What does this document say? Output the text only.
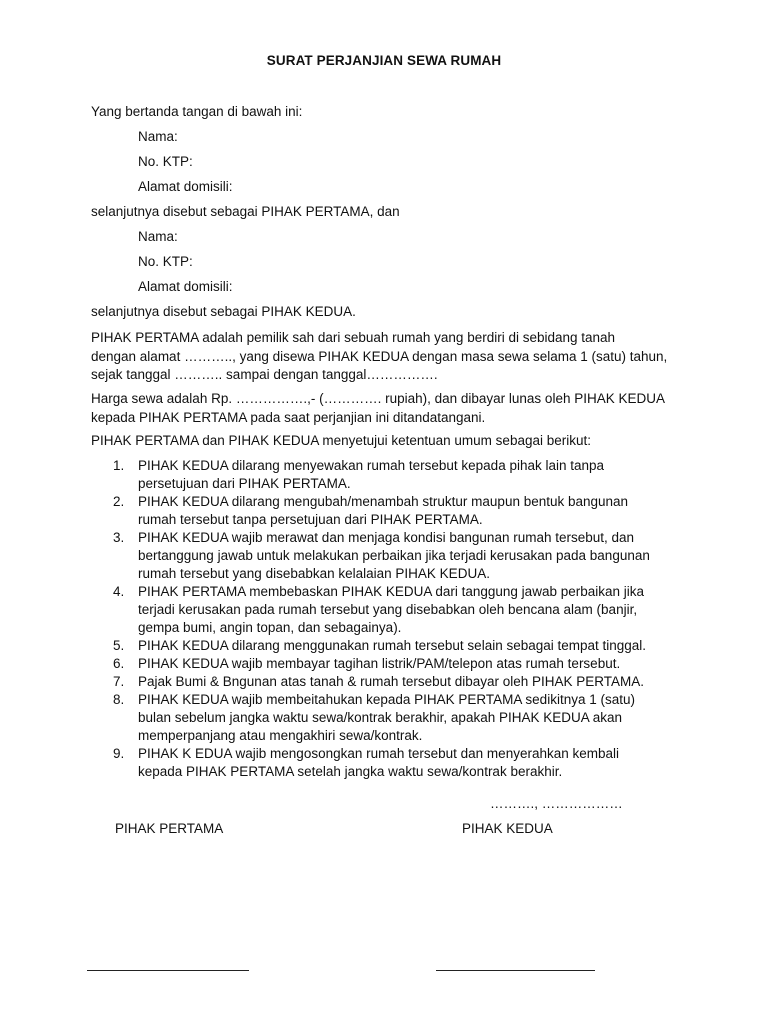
SURAT PERJANJIAN SEWA RUMAH
Yang bertanda tangan di bawah ini:
Nama:
No. KTP:
Alamat domisili:
selanjutnya disebut sebagai PIHAK PERTAMA, dan
Nama:
No. KTP:
Alamat domisili:
selanjutnya disebut sebagai PIHAK KEDUA.
PIHAK PERTAMA adalah pemilik sah dari sebuah rumah yang berdiri di sebidang tanah
dengan alamat ……….., yang disewa PIHAK KEDUA dengan masa sewa selama 1 (satu) tahun,
sejak tanggal ……….. sampai dengan tanggal…………….
Harga sewa adalah Rp. …………….,- (…………. rupiah), dan dibayar lunas oleh PIHAK KEDUA
kepada PIHAK PERTAMA pada saat perjanjian ini ditandatangani.
PIHAK PERTAMA dan PIHAK KEDUA menyetujui ketentuan umum sebagai berikut:
1. PIHAK KEDUA dilarang menyewakan rumah tersebut kepada pihak lain tanpa
persetujuan dari PIHAK PERTAMA.
2. PIHAK KEDUA dilarang mengubah/menambah struktur maupun bentuk bangunan
rumah tersebut tanpa persetujuan dari PIHAK PERTAMA.
3. PIHAK KEDUA wajib merawat dan menjaga kondisi bangunan rumah tersebut, dan
bertanggung jawab untuk melakukan perbaikan jika terjadi kerusakan pada bangunan
rumah tersebut yang disebabkan kelalaian PIHAK KEDUA.
4. PIHAK PERTAMA membebaskan PIHAK KEDUA dari tanggung jawab perbaikan jika
terjadi kerusakan pada rumah tersebut yang disebabkan oleh bencana alam (banjir,
gempa bumi, angin topan, dan sebagainya).
5. PIHAK KEDUA dilarang menggunakan rumah tersebut selain sebagai tempat tinggal.
6. PIHAK KEDUA wajib membayar tagihan listrik/PAM/telepon atas rumah tersebut.
7. Pajak Bumi & Bngunan atas tanah & rumah tersebut dibayar oleh PIHAK PERTAMA.
8. PIHAK KEDUA wajib membeitahukan kepada PIHAK PERTAMA sedikitnya 1 (satu)
bulan sebelum jangka waktu sewa/kontrak berakhir, apakah PIHAK KEDUA akan
memperpanjang atau mengakhiri sewa/kontrak.
9. PIHAK K EDUA wajib mengosongkan rumah tersebut dan menyerahkan kembali
kepada PIHAK PERTAMA setelah jangka waktu sewa/kontrak berakhir.
………., ………………
PIHAK PERTAMA	PIHAK KEDUA
